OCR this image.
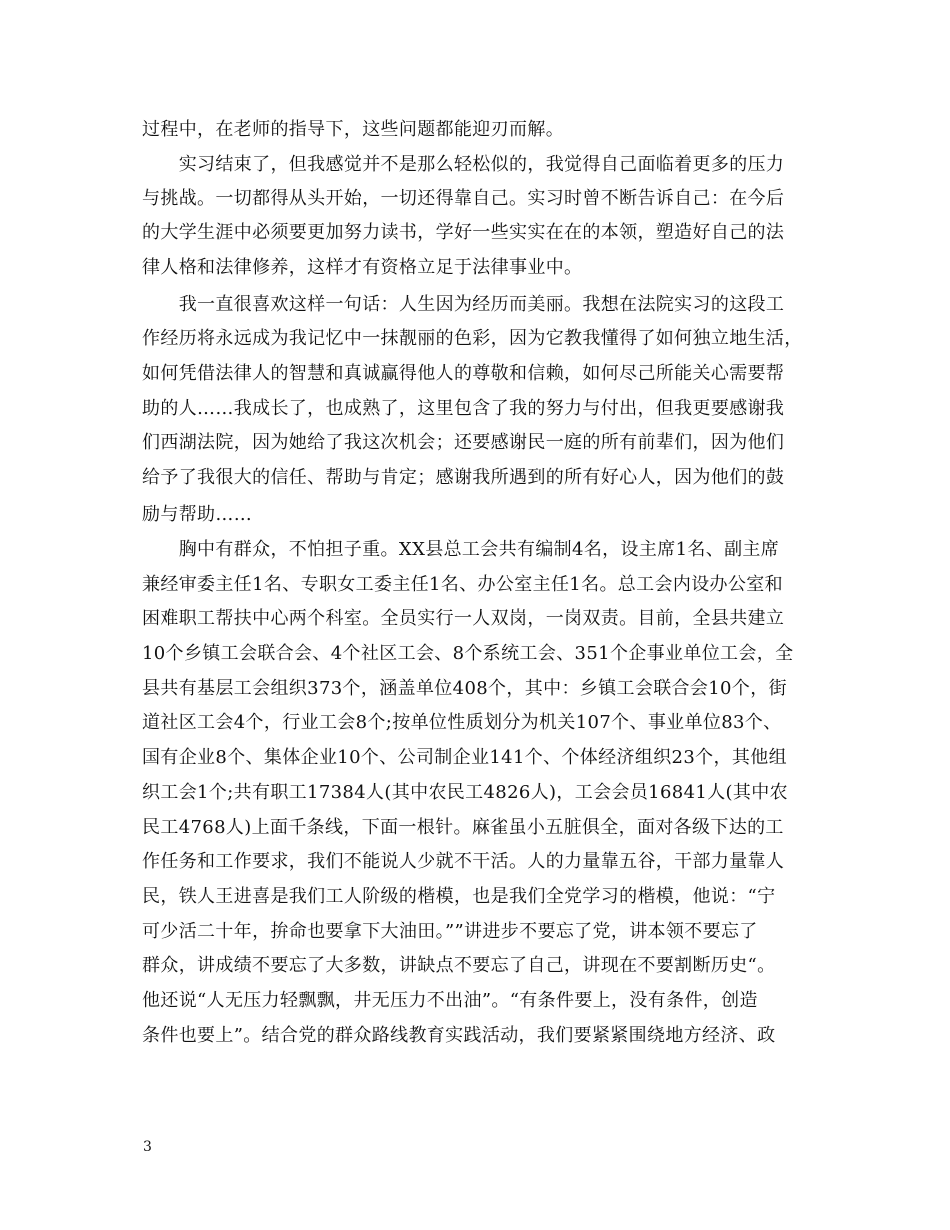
过程中，在老师的指导下，这些问题都能迎刃而解。
　　实习结束了，但我感觉并不是那么轻松似的，我觉得自己面临着更多的压力
与挑战。一切都得从头开始，一切还得靠自己。实习时曾不断告诉自己：在今后
的大学生涯中必须要更加努力读书，学好一些实实在在的本领，塑造好自己的法
律人格和法律修养，这样才有资格立足于法律事业中。
　　我一直很喜欢这样一句话：人生因为经历而美丽。我想在法院实习的这段工
作经历将永远成为我记忆中一抹靓丽的色彩，因为它教我懂得了如何独立地生活，
如何凭借法律人的智慧和真诚赢得他人的尊敬和信赖，如何尽己所能关心需要帮
助的人……我成长了，也成熟了，这里包含了我的努力与付出，但我更要感谢我
们西湖法院，因为她给了我这次机会；还要感谢民一庭的所有前辈们，因为他们
给予了我很大的信任、帮助与肯定；感谢我所遇到的所有好心人，因为他们的鼓
励与帮助……
　　胸中有群众，不怕担子重。XX县总工会共有编制4名，设主席1名、副主席
兼经审委主任1名、专职女工委主任1名、办公室主任1名。总工会内设办公室和
困难职工帮扶中心两个科室。全员实行一人双岗，一岗双责。目前，全县共建立
10个乡镇工会联合会、4个社区工会、8个系统工会、351个企事业单位工会，全
县共有基层工会组织373个，涵盖单位408个，其中：乡镇工会联合会10个，街
道社区工会4个，行业工会8个;按单位性质划分为机关107个、事业单位83个、
国有企业8个、集体企业10个、公司制企业141个、个体经济组织23个，其他组
织工会1个;共有职工17384人(其中农民工4826人)，工会会员16841人(其中农
民工4768人)上面千条线，下面一根针。麻雀虽小五脏俱全，面对各级下达的工
作任务和工作要求，我们不能说人少就不干活。人的力量靠五谷，干部力量靠人
民，铁人王进喜是我们工人阶级的楷模，也是我们全党学习的楷模，他说：“宁
可少活二十年，拚命也要拿下大油田。””讲进步不要忘了党，讲本领不要忘了
群众，讲成绩不要忘了大多数，讲缺点不要忘了自己，讲现在不要割断历史“。
他还说“人无压力轻飘飘，井无压力不出油”。“有条件要上，没有条件，创造
条件也要上”。结合党的群众路线教育实践活动，我们要紧紧围绕地方经济、政
3
